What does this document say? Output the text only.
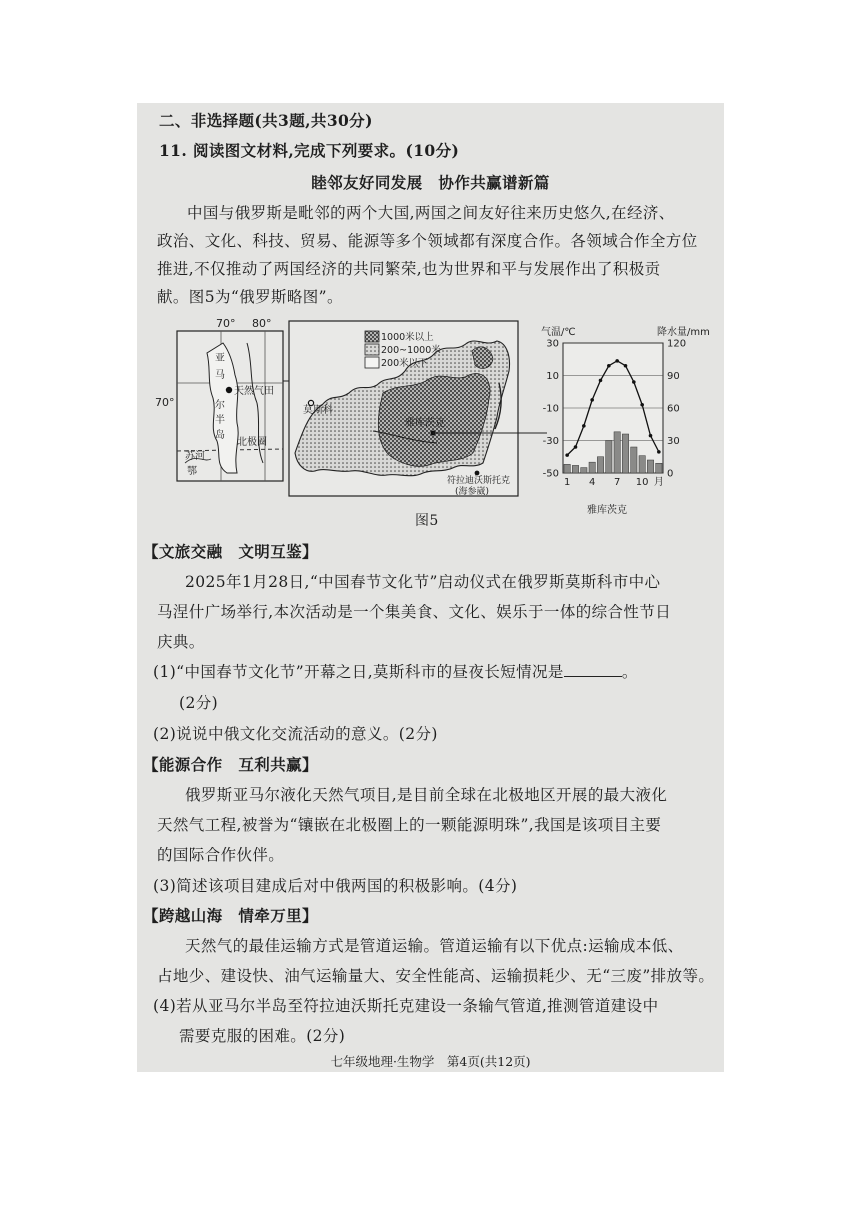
二、非选择题(共3题,共30分)
11. 阅读图文材料,完成下列要求。(10分)
睦邻友好同发展　协作共赢谱新篇
中国与俄罗斯是毗邻的两个大国,两国之间友好往来历史悠久,在经济、
政治、文化、科技、贸易、能源等多个领域都有深度合作。各领域合作全方位
推进,不仅推动了两国经济的共同繁荣,也为世界和平与发展作出了积极贡
献。图5为“俄罗斯略图”。
70° 80°
70°
亚
马
尔
半
岛
天然气田
北极圈
苏河
鄂
莫斯科
雅库茨克
符拉迪沃斯托克
(海参崴)
1000米以上
200~1000米
200米以下
气温/℃	降水量/mm
雅库茨克
30
10
-10
-30
-50
120
90
60
30
0
1 4 7 10 月
图5
【文旅交融　文明互鉴】
2025年1月28日,“中国春节文化节”启动仪式在俄罗斯莫斯科市中心
马涅什广场举行,本次活动是一个集美食、文化、娱乐于一体的综合性节日
庆典。
(1)“中国春节文化节”开幕之日,莫斯科市的昼夜长短情况是	。
(2分)
(2)说说中俄文化交流活动的意义。(2分)
【能源合作　互利共赢】
俄罗斯亚马尔液化天然气项目,是目前全球在北极地区开展的最大液化
天然气工程,被誉为“镶嵌在北极圈上的一颗能源明珠”,我国是该项目主要
的国际合作伙伴。
(3)简述该项目建成后对中俄两国的积极影响。(4分)
【跨越山海　情牵万里】
天然气的最佳运输方式是管道运输。管道运输有以下优点:运输成本低、
占地少、建设快、油气运输量大、安全性能高、运输损耗少、无“三废”排放等。
(4)若从亚马尔半岛至符拉迪沃斯托克建设一条输气管道,推测管道建设中
需要克服的困难。(2分)
七年级地理·生物学　第4页(共12页)
